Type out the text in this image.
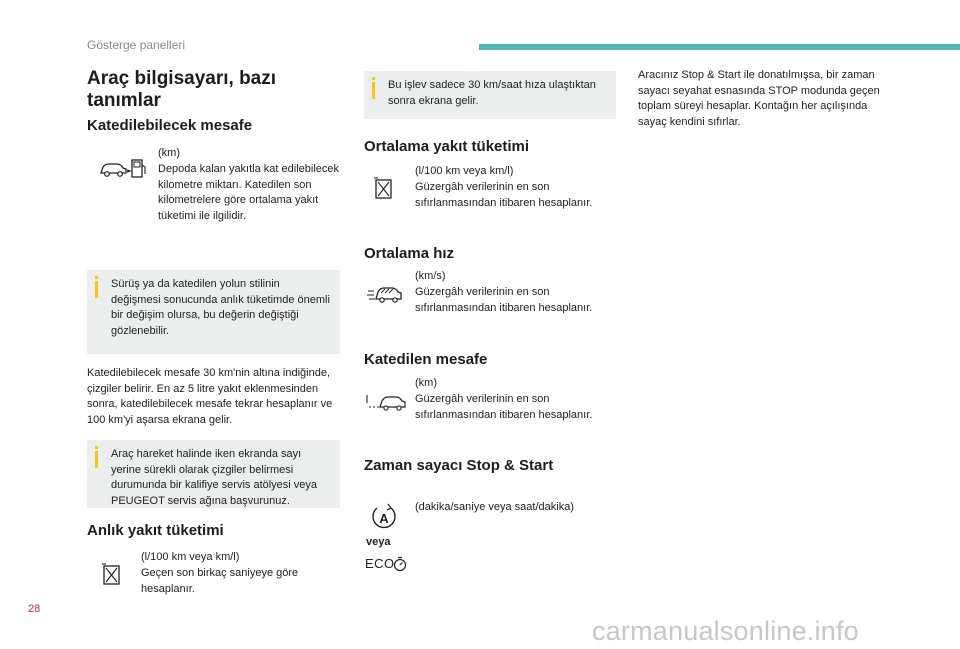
Gösterge panelleri
Araç bilgisayarı, bazı tanımlar
Katedilebilecek mesafe
(km)
Depoda kalan yakıtla kat edilebilecek kilometre miktarı. Katedilen son kilometrelere göre ortalama yakıt tüketimi ile ilgilidir.
Sürüş ya da katedilen yolun stilinin değişmesi sonucunda anlık tüketimde önemli bir değişim olursa, bu değerin değiştiği gözlenebilir.
Katedilebilecek mesafe 30 km'nin altına indiğinde, çizgiler belirir. En az 5 litre yakıt eklenmesinden sonra, katedilebilecek mesafe tekrar hesaplanır ve 100 km'yi aşarsa ekrana gelir.
Araç hareket halinde iken ekranda sayı yerine sürekli olarak çizgiler belirmesi durumunda bir kalifiye servis atölyesi veya PEUGEOT servis ağına başvurunuz.
Anlık yakıt tüketimi
(l/100 km veya km/l)
Geçen son birkaç saniyeye göre hesaplanır.
Bu işlev sadece 30 km/saat hıza ulaştıktan sonra ekrana gelir.
Ortalama yakıt tüketimi
(l/100 km veya km/l)
Güzergâh verilerinin en son sıfırlanmasından itibaren hesaplanır.
Ortalama hız
(km/s)
Güzergâh verilerinin en son sıfırlanmasından itibaren hesaplanır.
Katedilen mesafe
(km)
Güzergâh verilerinin en son sıfırlanmasından itibaren hesaplanır.
Zaman sayacı Stop & Start
A
veya
ECO
(dakika/saniye veya saat/dakika)
Aracınız Stop & Start ile donatılmışsa, bir zaman sayacı seyahat esnasında STOP modunda geçen toplam süreyi hesaplar. Kontağın her açılışında sayaç kendini sıfırlar.
28
carmanualsonline.info
